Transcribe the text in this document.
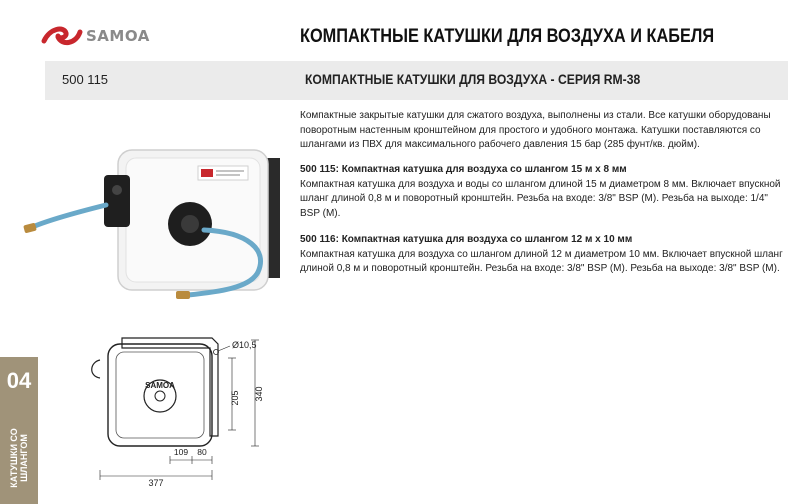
SAMOA	КОМПАКТНЫЕ КАТУШКИ ДЛЯ ВОЗДУХА И КАБЕЛЯ
500 115	КОМПАКТНЫЕ КАТУШКИ ДЛЯ ВОЗДУХА - СЕРИЯ RM-38

Компактные закрытые катушки для сжатого воздуха, выполнены из стали. Все катушки оборудованы поворотным настенным кронштейном для простого и удобного монтажа. Катушки поставляются со шлангами из ПВХ для максимального рабочего давления 15 бар (285 фунт/кв. дюйм).

500 115: Компактная катушка для воздуха со шлангом 15 м х 8 мм

Компактная катушка для воздуха и воды со шлангом длиной 15 м диаметром 8 мм. Включает впускной шланг длиной 0,8 м и поворотный кронштейн. Резьба на входе: 3/8" BSP (M). Резьба на выходе: 1/4" BSP (M).

500 116: Компактная катушка для воздуха со шлангом 12 м х 10 мм

Компактная катушка для воздуха со шлангом длиной 12 м диаметром 10 мм. Включает впускной шланг длиной 0,8 м и поворотный кронштейн. Резьба на входе: 3/8" BSP (M). Резьба на выходе: 3/8" BSP (M).

SAMOA
Ø10,5
205 340
109 80
377
04
КАТУШКИ СО
ШЛАНГОМ
